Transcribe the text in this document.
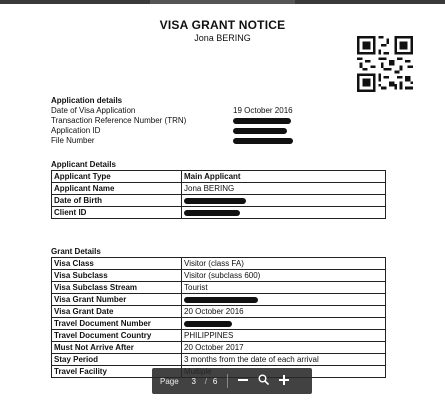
VISA GRANT NOTICE
Jona BERING
Application details
Date of Visa Application	19 October 2016
Transaction Reference Number (TRN)
Application ID
File Number
Applicant Details
Applicant Type	Main Applicant
Applicant Name	Jona BERING
Date of Birth	
Client ID	
Grant Details
Visa Class	Visitor (class FA)
Visa Subclass	Visitor (subclass 600)
Visa Subclass Stream	Tourist
Visa Grant Number	
Visa Grant Date	20 October 2016
Travel Document Number	
Travel Document Country	PHILIPPINES
Must Not Arrive After	20 October 2017
Stay Period	3 months from the date of each arrival
Travel Facility	
Page	3	/ 6
